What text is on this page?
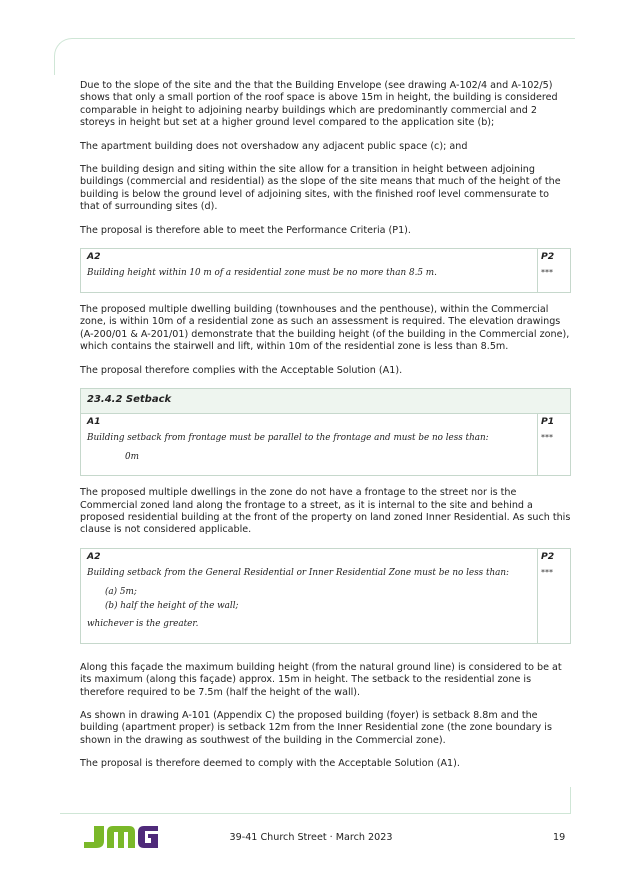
Due to the slope of the site and the that the Building Envelope (see drawing A-102/4 and A-102/5) shows that only a small portion of the roof space is above 15m in height, the building is considered comparable in height to adjoining nearby buildings which are predominantly commercial and 2 storeys in height but set at a higher ground level compared to the application site (b);

The apartment building does not overshadow any adjacent public space (c); and

The building design and siting within the site allow for a transition in height between adjoining buildings (commercial and residential) as the slope of the site means that much of the height of the building is below the ground level of adjoining sites, with the finished roof level commensurate to that of surrounding sites (d).

The proposal is therefore able to meet the Performance Criteria (P1).

A2
Building height within 10 m of a residential zone must be no more than 8.5 m.
P2
***

The proposed multiple dwelling building (townhouses and the penthouse), within the Commercial zone, is within 10m of a residential zone as such an assessment is required. The elevation drawings (A-200/01 & A-201/01) demonstrate that the building height (of the building in the Commercial zone), which contains the stairwell and lift, within 10m of the residential zone is less than 8.5m.

The proposal therefore complies with the Acceptable Solution (A1).

23.4.2 Setback
A1
Building setback from frontage must be parallel to the frontage and must be no less than:
0m
P1
***

The proposed multiple dwellings in the zone do not have a frontage to the street nor is the Commercial zoned land along the frontage to a street, as it is internal to the site and behind a proposed residential building at the front of the property on land zoned Inner Residential. As such this clause is not considered applicable.

A2
Building setback from the General Residential or Inner Residential Zone must be no less than:
(a) 5m;
(b) half the height of the wall;
whichever is the greater.
P2
***

Along this façade the maximum building height (from the natural ground line) is considered to be at its maximum (along this façade) approx. 15m in height. The setback to the residential zone is therefore required to be 7.5m (half the height of the wall).

As shown in drawing A-101 (Appendix C) the proposed building (foyer) is setback 8.8m and the building (apartment proper) is setback 12m from the Inner Residential zone (the zone boundary is shown in the drawing as southwest of the building in the Commercial zone).

The proposal is therefore deemed to comply with the Acceptable Solution (A1).

39-41 Church Street · March 2023	19
